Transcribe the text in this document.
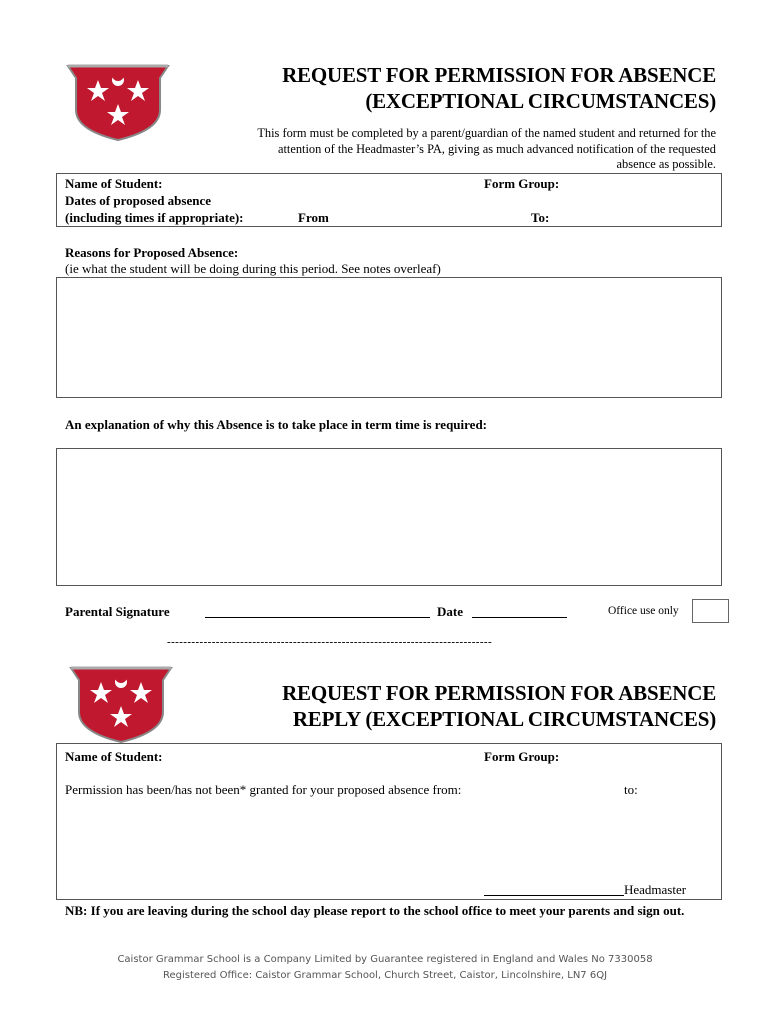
REQUEST FOR PERMISSION FOR ABSENCE
(EXCEPTIONAL CIRCUMSTANCES)
This form must be completed by a parent/guardian of the named student and returned for the
attention of the Headmaster’s PA, giving as much advanced notification of the requested
absence as possible.
Name of Student:	Form Group:
Dates of proposed absence
(including times if appropriate):	From	To:
Reasons for Proposed Absence:
(ie what the student will be doing during this period. See notes overleaf)
An explanation of why this Absence is to take place in term time is required:
Parental Signature	Date	Office use only
--------------------------------------------------------------------------------
REQUEST FOR PERMISSION FOR ABSENCE
REPLY (EXCEPTIONAL CIRCUMSTANCES)
Name of Student:	Form Group:
Permission has been/has not been* granted for your proposed absence from:	to:
Headmaster
NB: If you are leaving during the school day please report to the school office to meet your parents and sign out.
Caistor Grammar School is a Company Limited by Guarantee registered in England and Wales No 7330058
Registered Office: Caistor Grammar School, Church Street, Caistor, Lincolnshire, LN7 6QJ
